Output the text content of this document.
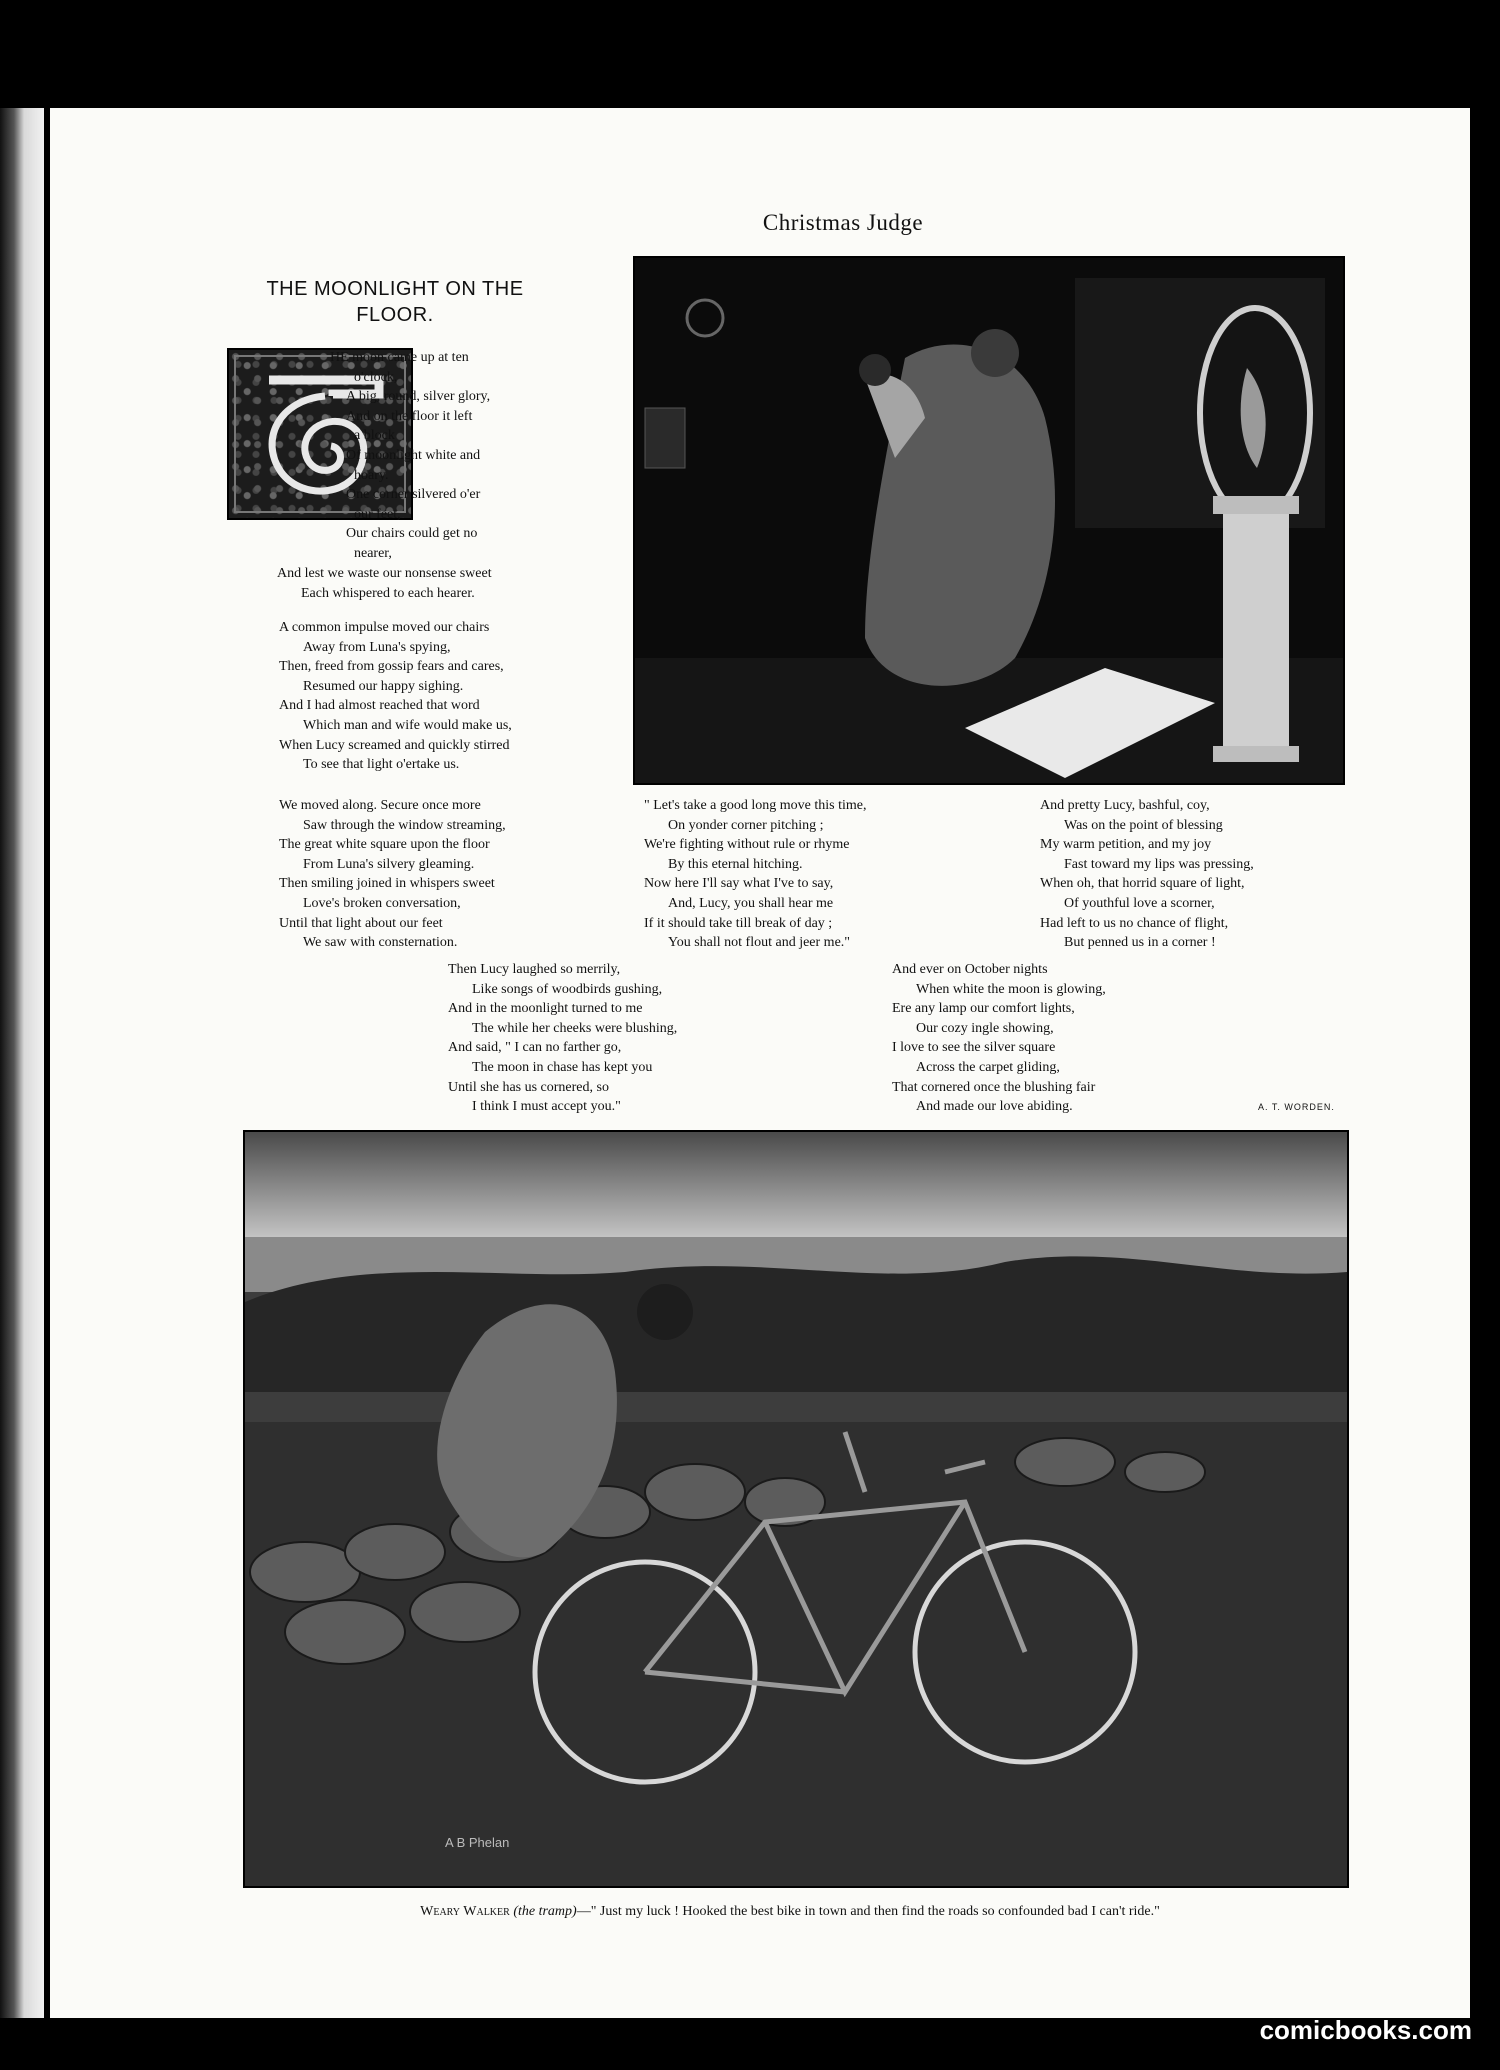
Christmas Judge
THE MOONLIGHT ON THE FLOOR.
HE moon came up at ten
o'clock,
A big, round, silver glory,
And on the floor it left
a block
Of moonlight white and
hoary.
One corner silvered o'er
our feet,
Our chairs could get no
nearer,
And lest we waste our nonsense sweet
Each whispered to each hearer.
A common impulse moved our chairs
Away from Luna's spying,
Then, freed from gossip fears and cares,
Resumed our happy sighing.
And I had almost reached that word
Which man and wife would make us,
When Lucy screamed and quickly stirred
To see that light o'ertake us.
We moved along. Secure once more
Saw through the window streaming,
The great white square upon the floor
From Luna's silvery gleaming.
Then smiling joined in whispers sweet
Love's broken conversation,
Until that light about our feet
We saw with consternation.
" Let's take a good long move this time,
On yonder corner pitching ;
We're fighting without rule or rhyme
By this eternal hitching.
Now here I'll say what I've to say,
And, Lucy, you shall hear me
If it should take till break of day ;
You shall not flout and jeer me."
And pretty Lucy, bashful, coy,
Was on the point of blessing
My warm petition, and my joy
Fast toward my lips was pressing,
When oh, that horrid square of light,
Of youthful love a scorner,
Had left to us no chance of flight,
But penned us in a corner !
Then Lucy laughed so merrily,
Like songs of woodbirds gushing,
And in the moonlight turned to me
The while her cheeks were blushing,
And said, " I can no farther go,
The moon in chase has kept you
Until she has us cornered, so
I think I must accept you."
And ever on October nights
When white the moon is glowing,
Ere any lamp our comfort lights,
Our cozy ingle showing,
I love to see the silver square
Across the carpet gliding,
That cornered once the blushing fair
And made our love abiding.	A. T. WORDEN.
A B Phelan
Weary Walker (the tramp)—" Just my luck ! Hooked the best bike in town and then find the roads so confounded bad I can't ride."
comicbooks.com
